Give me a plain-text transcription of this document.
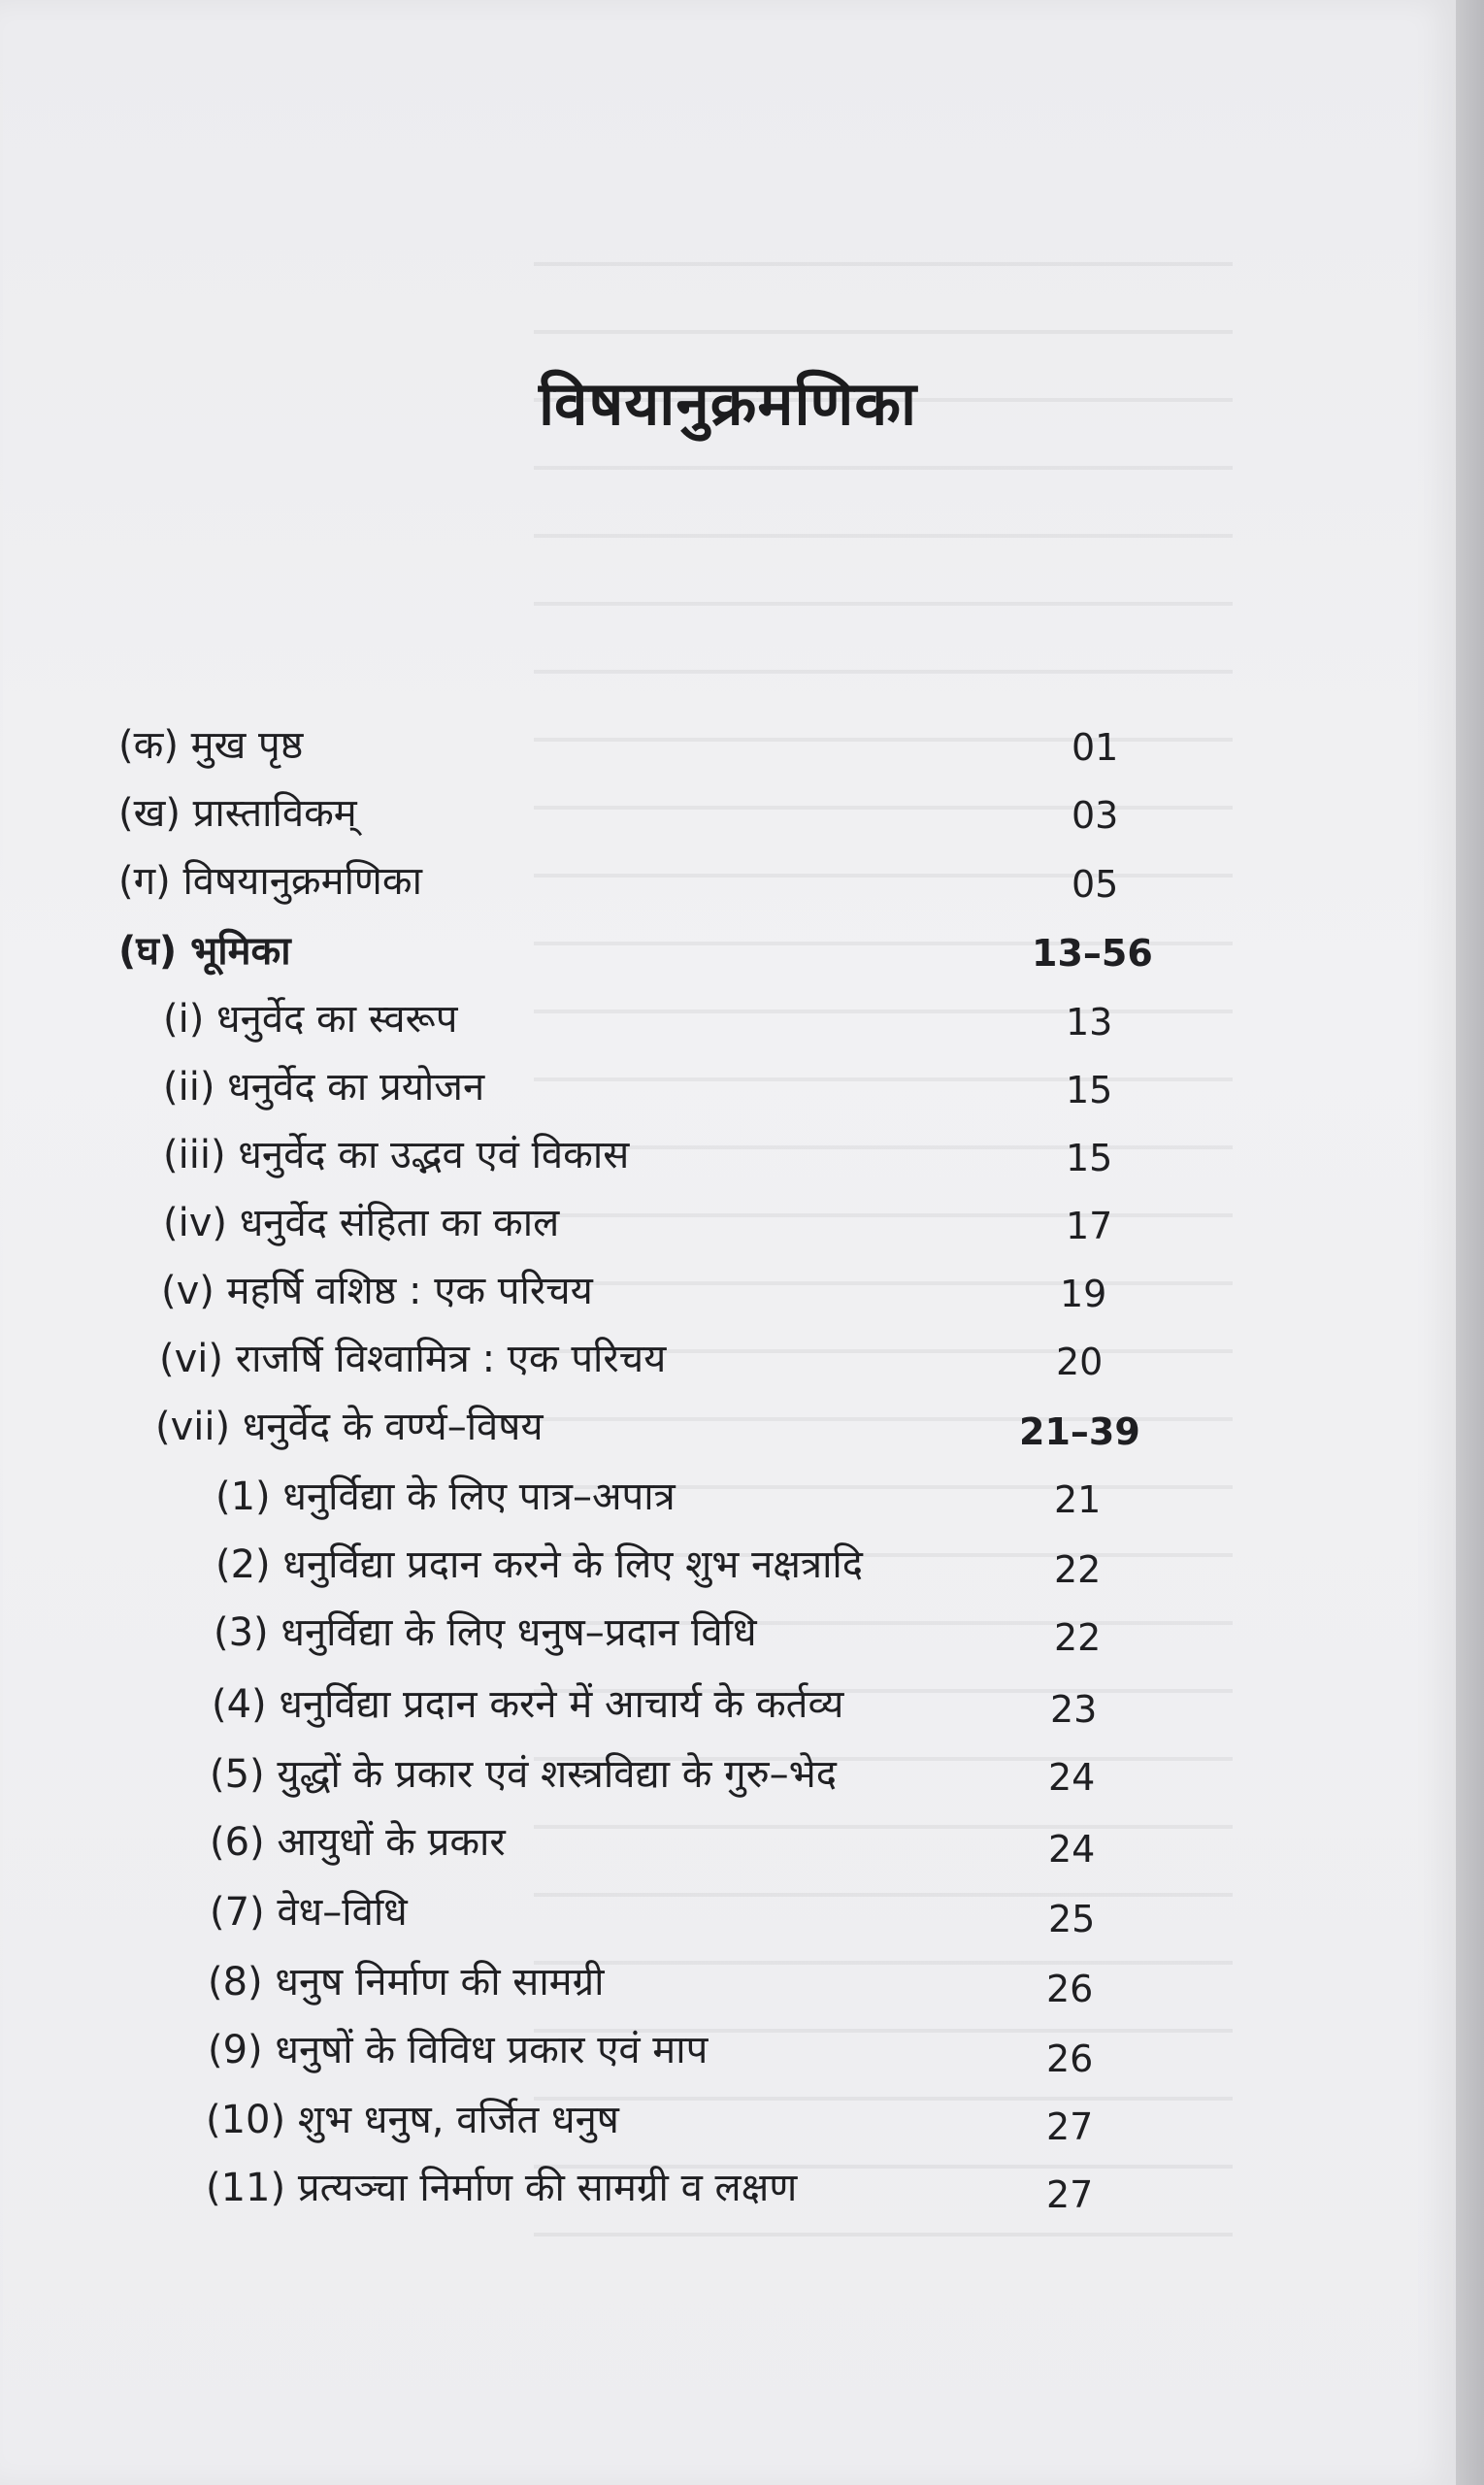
विषयानुक्रमणिका
(क) मुख पृष्ठ	01
(ख) प्रास्ताविकम्	03
(ग) विषयानुक्रमणिका	05
(घ) भूमिका	13–56
(i) धनुर्वेद का स्वरूप	13
(ii) धनुर्वेद का प्रयोजन	15
(iii) धनुर्वेद का उद्भव एवं विकास	15
(iv) धनुर्वेद संहिता का काल	17
(v) महर्षि वशिष्ठ : एक परिचय	19
(vi) राजर्षि विश्वामित्र : एक परिचय	20
(vii) धनुर्वेद के वर्ण्य–विषय	21–39
(1) धनुर्विद्या के लिए पात्र–अपात्र	21
(2) धनुर्विद्या प्रदान करने के लिए शुभ नक्षत्रादि	22
(3) धनुर्विद्या के लिए धनुष–प्रदान विधि	22
(4) धनुर्विद्या प्रदान करने में आचार्य के कर्तव्य	23
(5) युद्धों के प्रकार एवं शस्त्रविद्या के गुरु–भेद	24
(6) आयुधों के प्रकार	24
(7) वेध–विधि	25
(8) धनुष निर्माण की सामग्री	26
(9) धनुषों के विविध प्रकार एवं माप	26
(10) शुभ धनुष, वर्जित धनुष	27
(11) प्रत्यञ्चा निर्माण की सामग्री व लक्षण	27
